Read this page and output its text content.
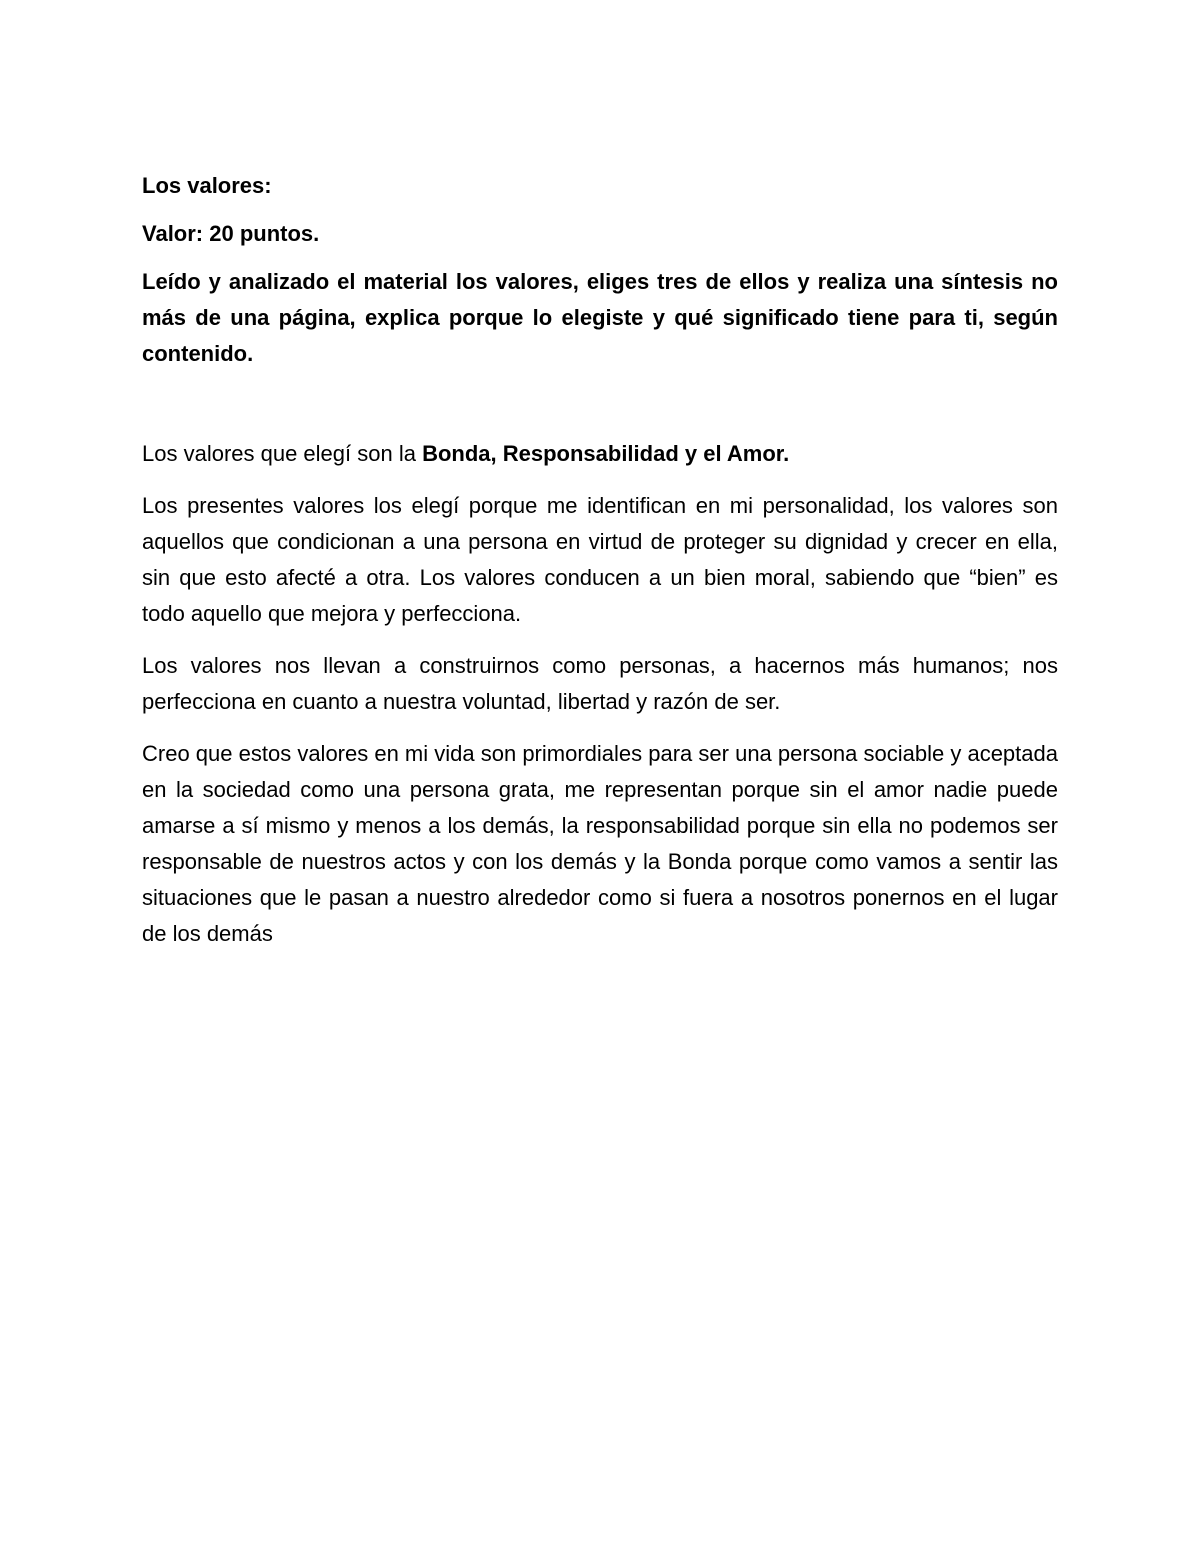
Los valores:

Valor: 20 puntos.

Leído y analizado el material los valores, eliges tres de ellos y realiza una síntesis no más de una página, explica porque lo elegiste y qué significado tiene para ti, según contenido.

Los valores que elegí son la Bonda, Responsabilidad y el Amor.

Los presentes valores los elegí porque me identifican en mi personalidad, los valores son aquellos que condicionan a una persona en virtud de proteger su dignidad y crecer en ella, sin que esto afecté a otra. Los valores conducen a un bien moral, sabiendo que “bien” es todo aquello que mejora y perfecciona.

Los valores nos llevan a construirnos como personas, a hacernos más humanos; nos perfecciona en cuanto a nuestra voluntad, libertad y razón de ser.

Creo que estos valores en mi vida son primordiales para ser una persona sociable y aceptada en la sociedad como una persona grata, me representan porque sin el amor nadie puede amarse a sí mismo y menos a los demás, la responsabilidad porque sin ella no podemos ser responsable de nuestros actos y con los demás y la Bonda porque como vamos a sentir las situaciones que le pasan a nuestro alrededor como si fuera a nosotros ponernos en el lugar de los demás
